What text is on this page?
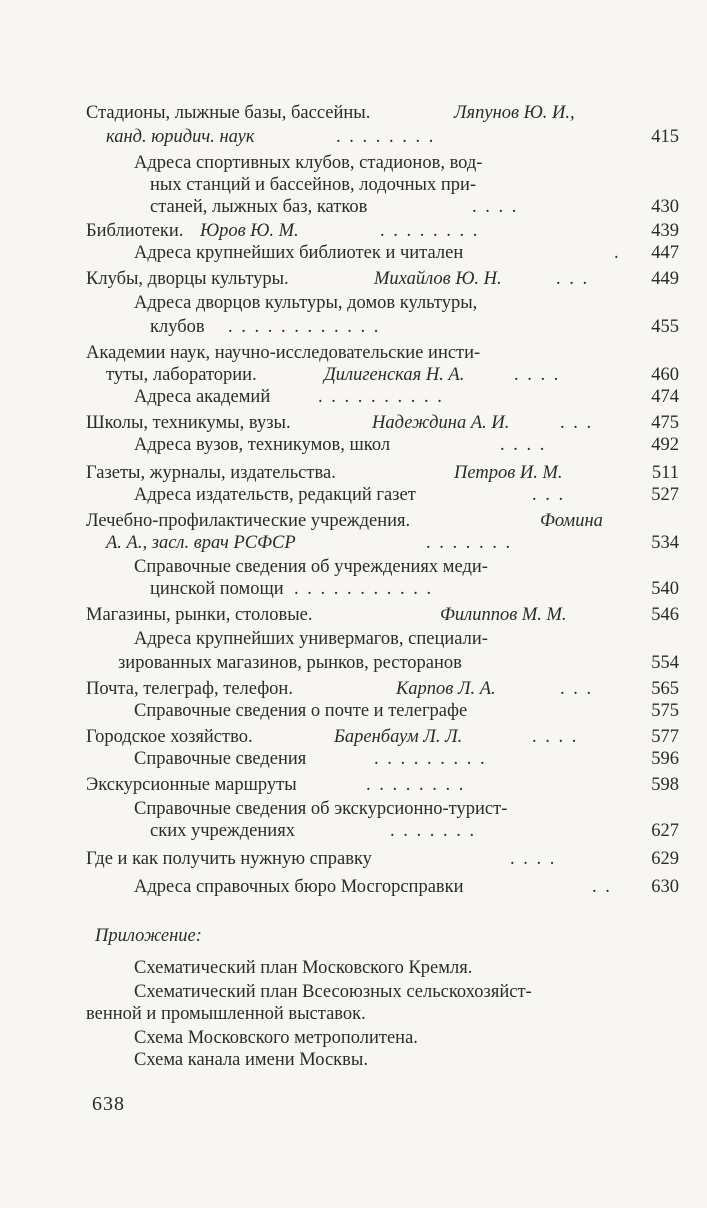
Стадионы, лыжные базы, бассейны.	Ляпунов Ю. И.,
канд. юридич. наук	. . . . . . . .	415
Адреса спортивных клубов, стадионов, вод-
ных станций и бассейнов, лодочных при-
станей, лыжных баз, катков	. . . .	430
Библиотеки. Юров Ю. М.	. . . . . . . .	439
Адреса крупнейших библиотек и читален	. 447
Клубы, дворцы культуры.	Михайлов Ю. Н.	. . .	449
Адреса дворцов культуры, домов культуры,
клубов . . . . . . . . . . . .	455
Академии наук, научно-исследовательские инсти-
туты, лаборатории.	Дилигенская Н. А.	. . . .	460
Адреса академий	. . . . . . . . . .	474
Школы, техникумы, вузы.	Надеждина А. И.	. . .	475
Адреса вузов, техникумов, школ	. . . .	492
Газеты, журналы, издательства.	Петров И. М.	511
Адреса издательств, редакций газет	. . .	527
Лечебно-профилактические учреждения.	Фомина
А. А., засл. врач РСФСР	. . . . . . .	534
Справочные сведения об учреждениях меди-
цинской помощи . . . . . . . . . . .	540
Магазины, рынки, столовые.	Филиппов М. М.	546
Адреса крупнейших универмагов, специали-
зированных магазинов, рынков, ресторанов	554
Почта, телеграф, телефон.	Карпов Л. А.	. . .	565
Справочные сведения о почте и телеграфе	575
Городское хозяйство.	Баренбаум Л. Л.	. . . .	577
Справочные сведения	. . . . . . . . .	596
Экскурсионные маршруты	. . . . . . . .	598
Справочные сведения об экскурсионно-турист-
ских учреждениях	. . . . . . .	627
Где и как получить нужную справку	. . . .	629
Адреса справочных бюро Мосгорсправки	. . 630
Приложение:
Схематический план Московского Кремля.
Схематический план Всесоюзных сельскохозяйст-
венной и промышленной выставок.
Схема Московского метрополитена.
Схема канала имени Москвы.
638
